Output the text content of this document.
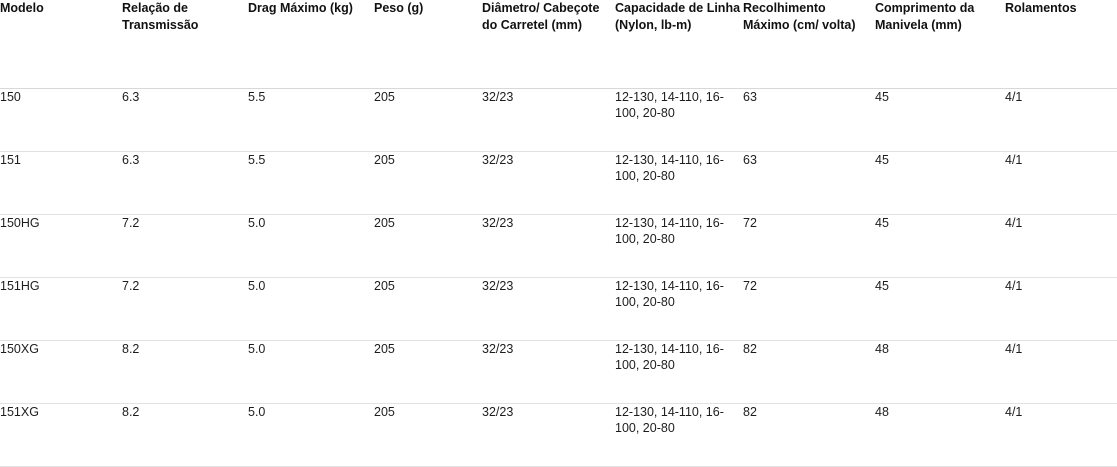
Modelo	Relação de Transmissão	Drag Máximo (kg)	Peso (g)	Diâmetro/ Cabeçote do Carretel (mm)	Capacidade de Linha (Nylon, lb-m)	Recolhimento Máximo (cm/ volta)	Comprimento da Manivela (mm)	Rolamentos
150	6.3	5.5	205	32/23	12-130, 14-110, 16-100, 20-80	63	45	4/1
151	6.3	5.5	205	32/23	12-130, 14-110, 16-100, 20-80	63	45	4/1
150HG	7.2	5.0	205	32/23	12-130, 14-110, 16-100, 20-80	72	45	4/1
151HG	7.2	5.0	205	32/23	12-130, 14-110, 16-100, 20-80	72	45	4/1
150XG	8.2	5.0	205	32/23	12-130, 14-110, 16-100, 20-80	82	48	4/1
151XG	8.2	5.0	205	32/23	12-130, 14-110, 16-100, 20-80	82	48	4/1
